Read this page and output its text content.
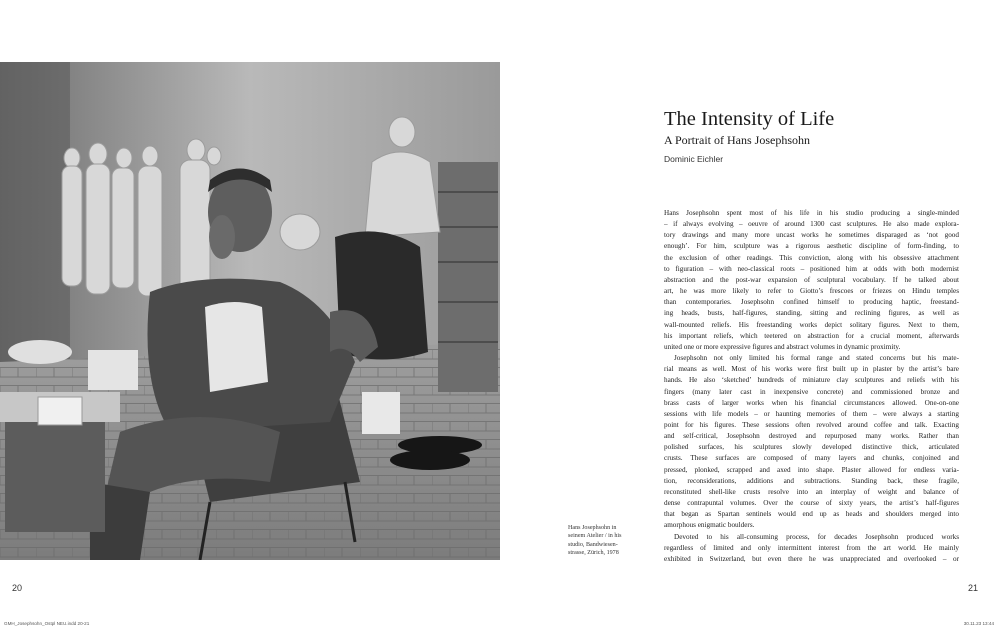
Hans Josephsohn in
seinem Atelier / in his
studio, Bandwiesen-
strasse, Zürich, 1978
The Intensity of Life
A Portrait of Hans Josephsohn
Dominic Eichler
Hans Josephsohn spent most of his life in his studio producing a single-minded
– if always evolving – oeuvre of around 1300 cast sculptures. He also made explora-
tory drawings and many more uncast works he sometimes disparaged as ‘not good
enough’. For him, sculpture was a rigorous aesthetic discipline of form-finding, to
the exclusion of other readings. This conviction, along with his obsessive attachment
to figuration – with neo-classical roots – positioned him at odds with both modernist
abstraction and the post-war expansion of sculptural vocabulary. If he talked about
art, he was more likely to refer to Giotto’s frescoes or friezes on Hindu temples
than contemporaries. Josephsohn confined himself to producing haptic, freestand-
ing heads, busts, half-figures, standing, sitting and reclining figures, as well as
wall-mounted reliefs. His freestanding works depict solitary figures. Next to them,
his important reliefs, which teetered on abstraction for a crucial moment, afterwards
united one or more expressive figures and abstract volumes in dynamic proximity.
Josephsohn not only limited his formal range and stated concerns but his mate-
rial means as well. Most of his works were first built up in plaster by the artist’s bare
hands. He also ‘sketched’ hundreds of miniature clay sculptures and reliefs with his
fingers (many later cast in inexpensive concrete) and commissioned bronze and
brass casts of larger works when his financial circumstances allowed. One-on-one
sessions with life models – or haunting memories of them – were always a starting
point for his figures. These sessions often revolved around coffee and talk. Exacting
and self-critical, Josephsohn destroyed and repurposed many works. Rather than
polished surfaces, his sculptures slowly developed distinctive thick, articulated
crusts. These surfaces are composed of many layers and chunks, conjoined and
pressed, plonked, scrapped and axed into shape. Plaster allowed for endless varia-
tion, reconsiderations, additions and subtractions. Standing back, these fragile,
reconstituted shell-like crusts resolve into an interplay of weight and balance of
dense contrapuntal volumes. Over the course of sixty years, the artist’s half-figures
that began as Spartan sentinels would end up as heads and shoulders merged into
amorphous enigmatic boulders.
Devoted to his all-consuming process, for decades Josephsohn produced works
regardless of limited and only intermittent interest from the art world. He mainly
exhibited in Switzerland, but even there he was unappreciated and overlooked – or
20	21
GMH_Josephsohn_Ostpl NEU.indd 20-21	30.11.23 13:44
